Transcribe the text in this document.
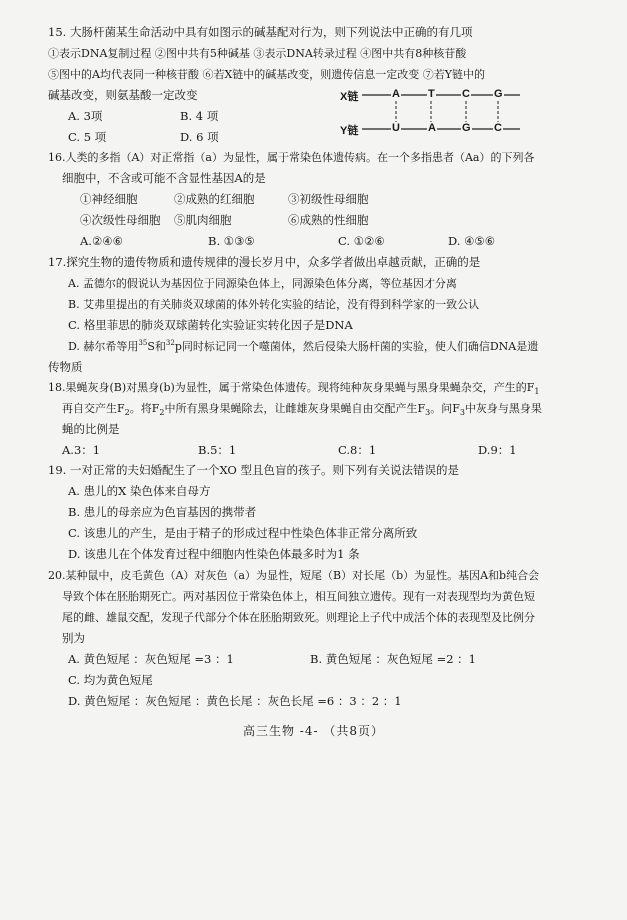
15. 大肠杆菌某生命活动中具有如图示的碱基配对行为，则下列说法中正确的有几项
①表示DNA复制过程 ②图中共有5种碱基 ③表示DNA转录过程 ④图中共有8种核苷酸
⑤图中的A均代表同一种核苷酸 ⑥若X链中的碱基改变，则遗传信息一定改变 ⑦若Y链中的
碱基改变，则氨基酸一定改变
A. 3项	B. 4 项
C. 5 项	D. 6 项
X链
Y链
A	T C G
U	A G C
16.人类的多指（A）对正常指（a）为显性，属于常染色体遗传病。在一个多指患者（Aa）的下列各
细胞中，不含或可能不含显性基因A的是
①神经细胞	②成熟的红细胞	③初级性母细胞
④次级性母细胞 ⑤肌肉细胞	⑥成熟的性细胞
A.②④⑥	B. ①③⑤	C. ①②⑥	D. ④⑤⑥
17.探究生物的遗传物质和遗传规律的漫长岁月中，众多学者做出卓越贡献，正确的是
A. 孟德尔的假说认为基因位于同源染色体上，同源染色体分离，等位基因才分离
B. 艾弗里提出的有关肺炎双球菌的体外转化实验的结论，没有得到科学家的一致公认
C. 格里菲思的肺炎双球菌转化实验证实转化因子是DNA
D. 赫尔希等用$^{35}$S和$^{32}$p同时标记同一个噬菌体，然后侵染大肠杆菌的实验，使人们确信DNA是遗
传物质
18.果蝇灰身(B)对黑身(b)为显性，属于常染色体遗传。现将纯种灰身果蝇与黑身果蝇杂交，产生的$F_1$
再自交产生$F_2$。将$F_2$中所有黑身果蝇除去，让雌雄灰身果蝇自由交配产生$F_3$。问$F_3$中灰身与黑身果
蝇的比例是
A.3：1	B.5：1	C.8：1	D.9：1
19. 一对正常的夫妇婚配生了一个XO 型且色盲的孩子。则下列有关说法错误的是
A. 患儿的X 染色体来自母方
B. 患儿的母亲应为色盲基因的携带者
C. 该患儿的产生，是由于精子的形成过程中性染色体非正常分离所致
D. 该患儿在个体发育过程中细胞内性染色体最多时为1 条
20.某种鼠中，皮毛黄色（A）对灰色（a）为显性，短尾（B）对长尾（b）为显性。基因A和b纯合会
导致个体在胚胎期死亡。两对基因位于常染色体上，相互间独立遗传。现有一对表现型均为黄色短
尾的雌、雄鼠交配，发现子代部分个体在胚胎期致死。则理论上子代中成活个体的表现型及比例分
别为
A. 黄色短尾 ：灰色短尾 =3 ：1	B. 黄色短尾 ：灰色短尾 =2 ：1
C. 均为黄色短尾
D. 黄色短尾 ：灰色短尾 ：黄色长尾 ：灰色长尾 =6 ：3 ：2 ：1
高三生物 -4- （共8页）
